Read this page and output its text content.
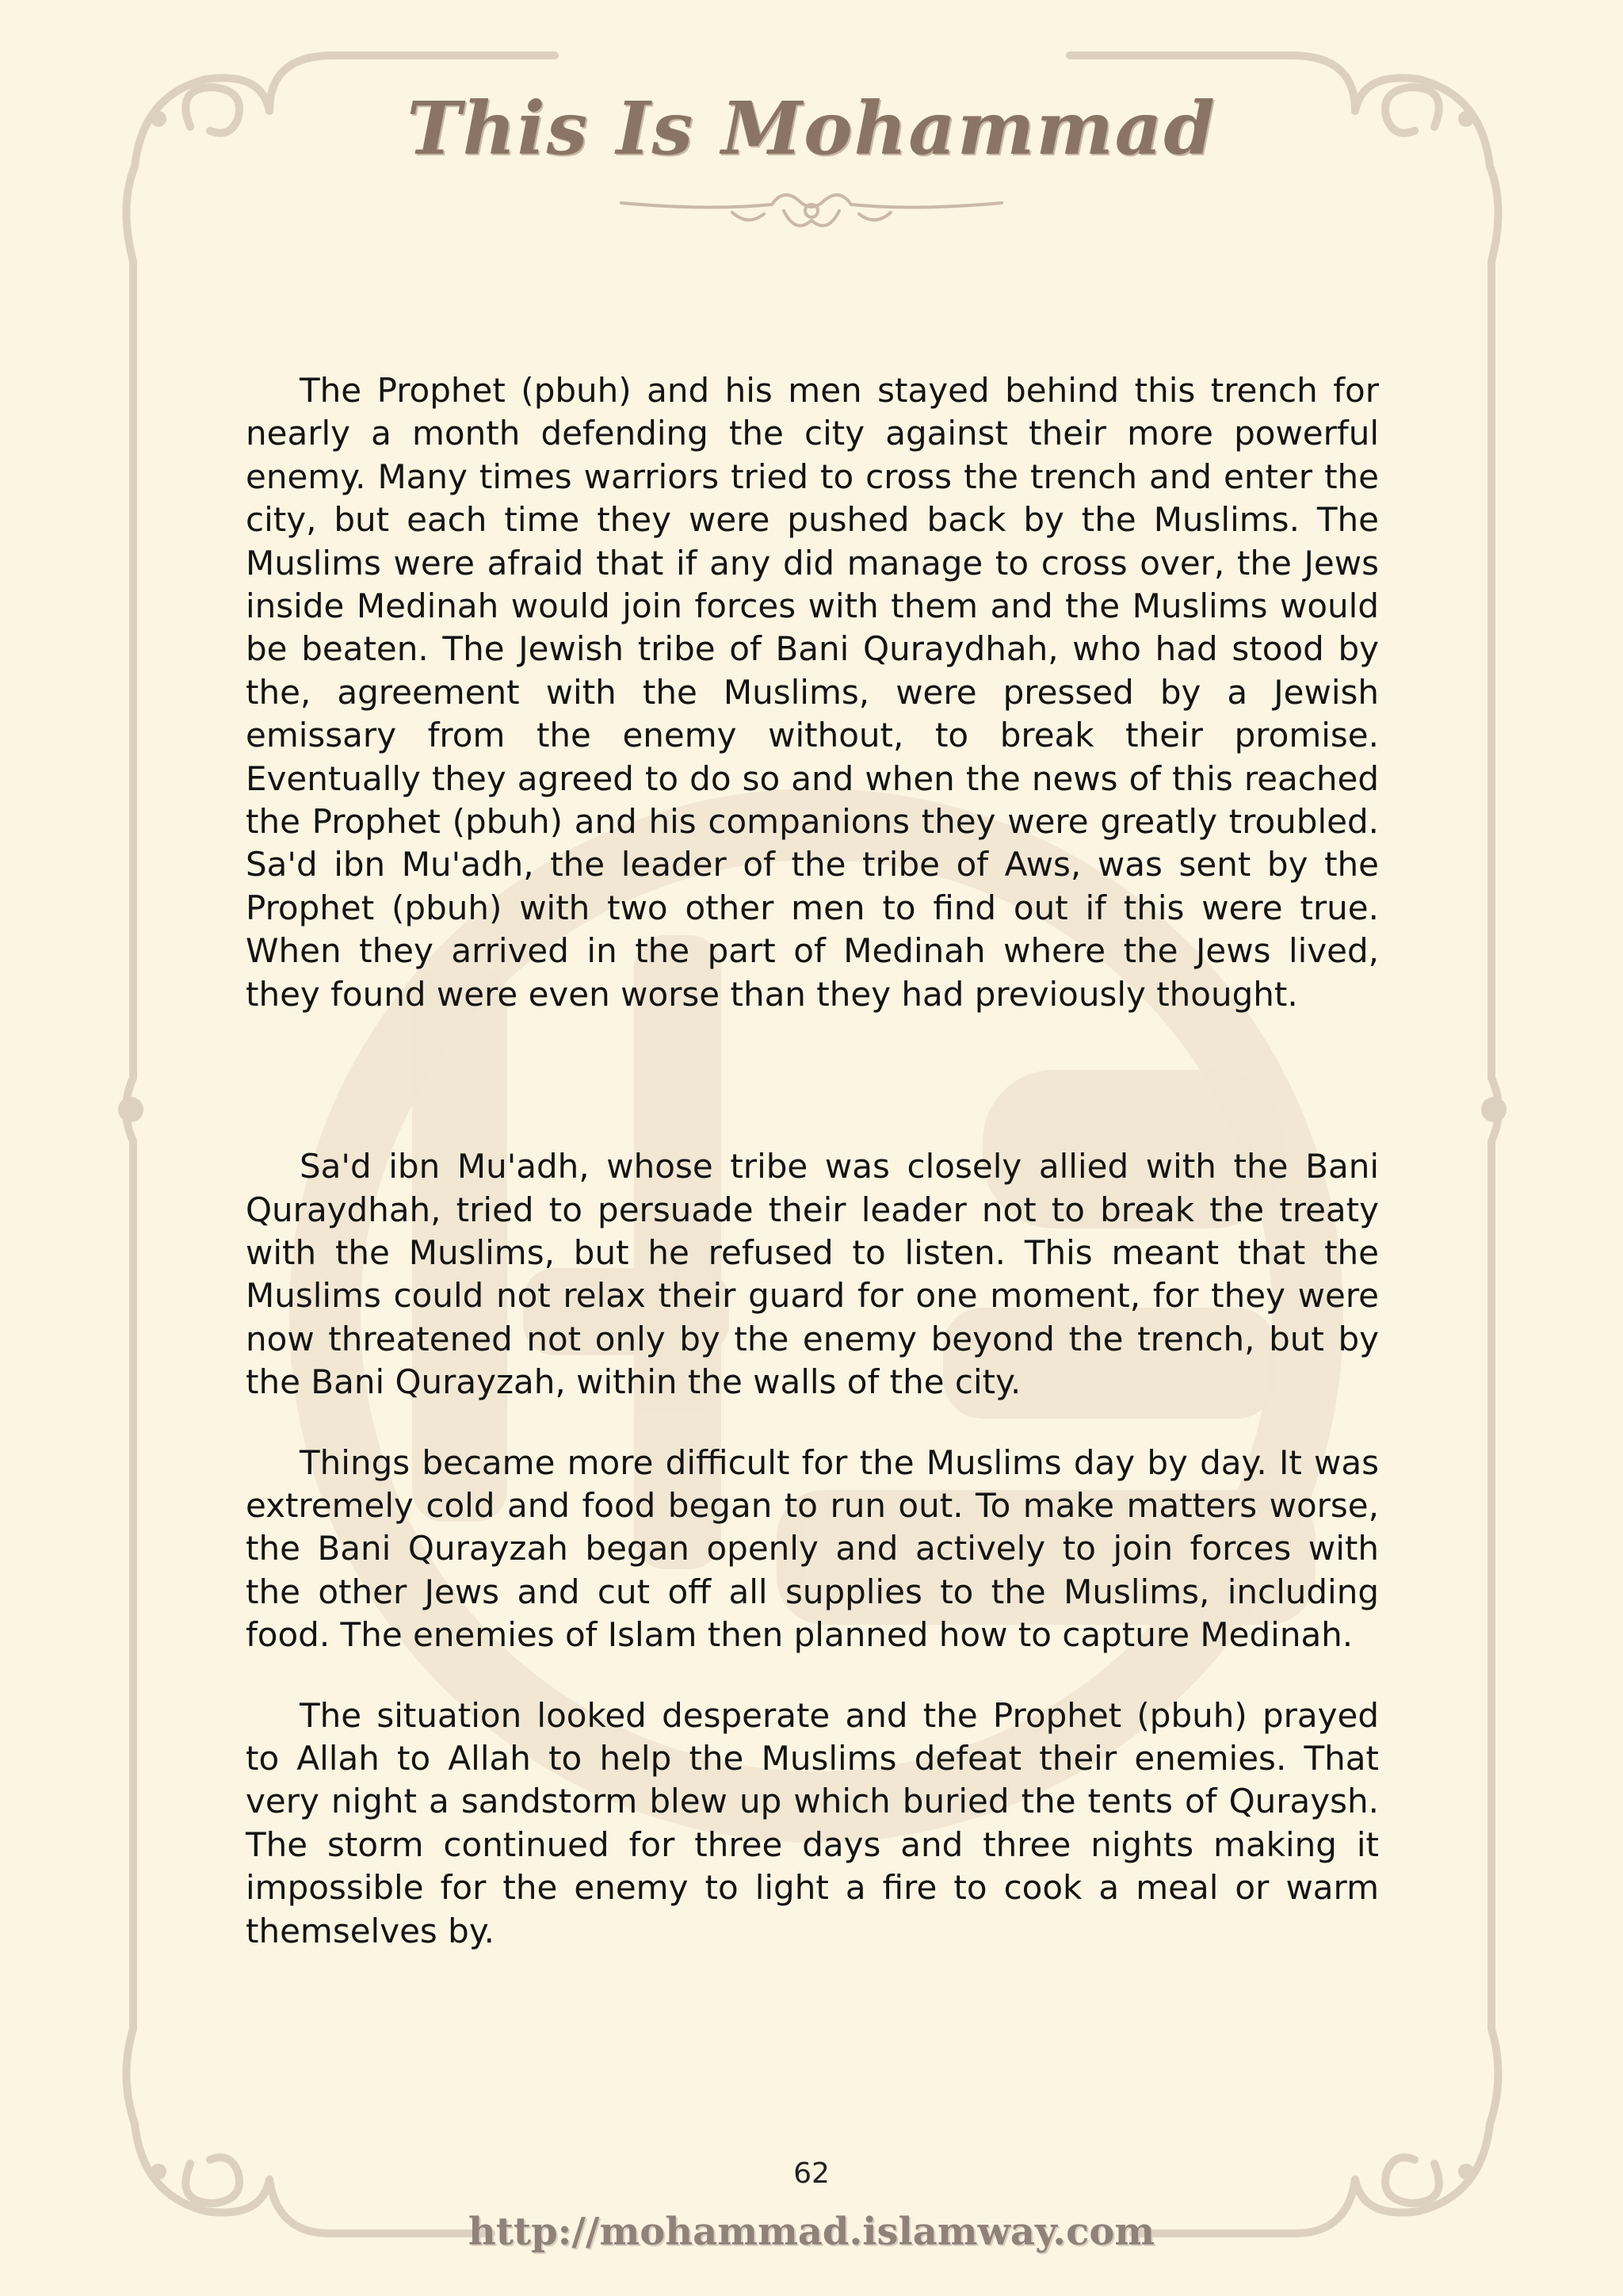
This Is Mohammad

The Prophet (pbuh) and his men stayed behind this trench for nearly a month defending the city against their more powerful enemy. Many times warriors tried to cross the trench and enter the city, but each time they were pushed back by the Muslims. The Muslims were afraid that if any did manage to cross over, the Jews inside Medinah would join forces with them and the Muslims would be beaten. The Jewish tribe of Bani Quraydhah, who had stood by the, agreement with the Muslims, were pressed by a Jewish emissary from the enemy without, to break their promise. Eventually they agreed to do so and when the news of this reached the Prophet (pbuh) and his companions they were greatly troubled. Sa'd ibn Mu'adh, the leader of the tribe of Aws, was sent by the Prophet (pbuh) with two other men to find out if this were true. When they arrived in the part of Medinah where the Jews lived, they found were even worse than they had previously thought.

Sa'd ibn Mu'adh, whose tribe was closely allied with the Bani Quraydhah, tried to persuade their leader not to break the treaty with the Muslims, but he refused to listen. This meant that the Muslims could not relax their guard for one moment, for they were now threatened not only by the enemy beyond the trench, but by the Bani Qurayzah, within the walls of the city.

Things became more difficult for the Muslims day by day. It was extremely cold and food began to run out. To make matters worse, the Bani Qurayzah began openly and actively to join forces with the other Jews and cut off all supplies to the Muslims, including food. The enemies of Islam then planned how to capture Medinah.

The situation looked desperate and the Prophet (pbuh) prayed to Allah to Allah to help the Muslims defeat their enemies. That very night a sandstorm blew up which buried the tents of Quraysh. The storm continued for three days and three nights making it impossible for the enemy to light a fire to cook a meal or warm themselves by.

62
http://mohammad.islamway.com
